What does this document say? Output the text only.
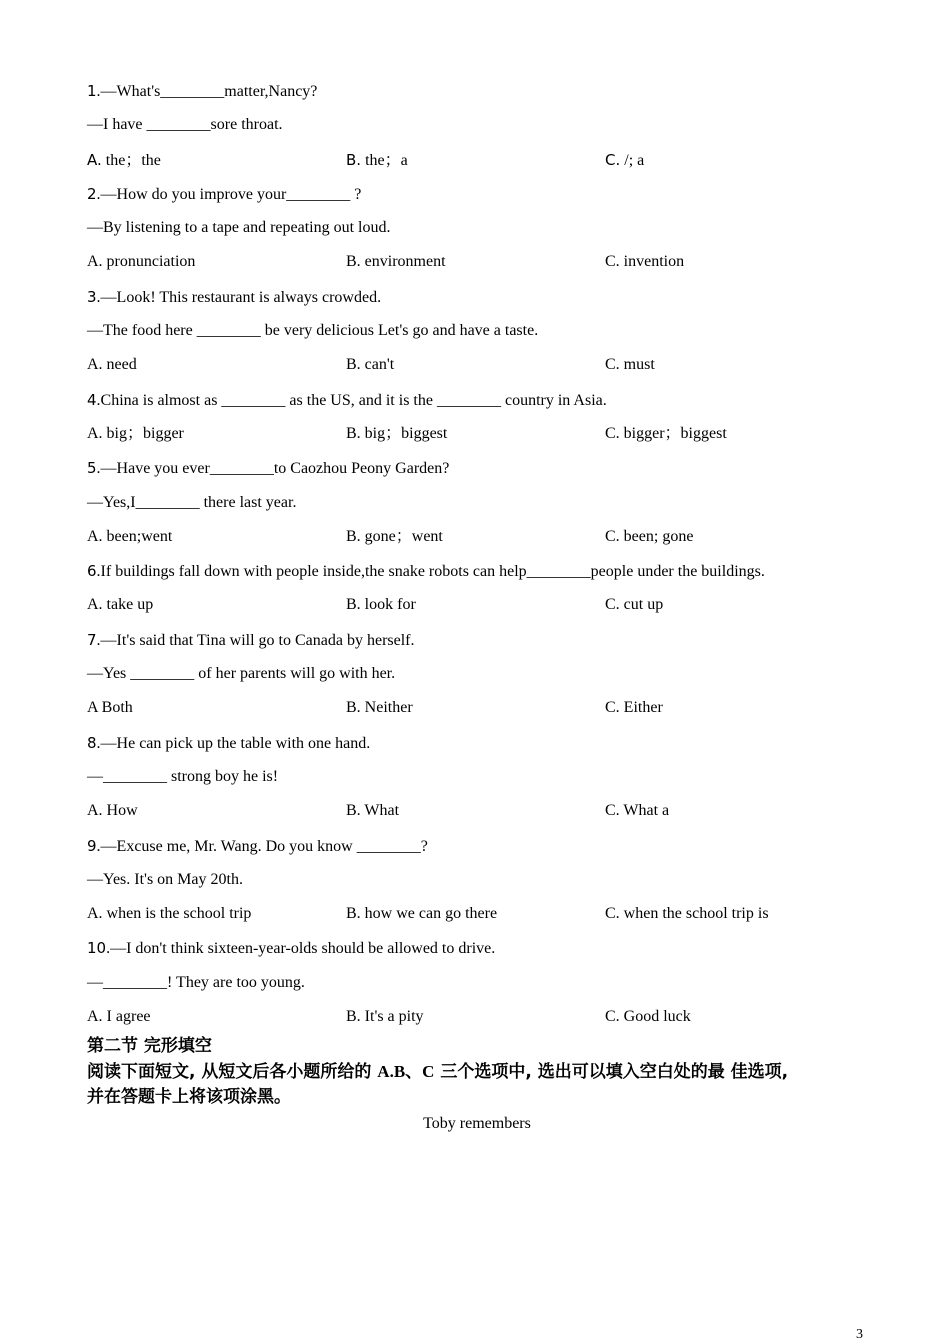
1.—What's________matter,Nancy?
—I have ________sore throat.
A. the；the	B. the；a	C. /; a
2.—How do you improve your________ ?
—By listening to a tape and repeating out loud.
A. pronunciation	B. environment	C. invention
3.—Look! This restaurant is always crowded.
—The food here ________ be very delicious Let's go and have a taste.
A. need	B. can't	C. must
4.China is almost as ________ as the US, and it is the ________ country in Asia.
A. big；bigger	B. big；biggest	C. bigger；biggest
5.—Have you ever________to Caozhou Peony Garden?
—Yes,I________ there last year.
A. been;went	B. gone；went	C. been; gone
6.If buildings fall down with people inside,the snake robots can help________people under the buildings.
A. take up	B. look for	C. cut up
7.—It's said that Tina will go to Canada by herself.
—Yes ________ of her parents will go with her.
A Both	B. Neither	C. Either
8.—He can pick up the table with one hand.
—________ strong boy he is!
A. How	B. What	C. What a
9.—Excuse me, Mr. Wang. Do you know ________?
—Yes. It's on May 20th.
A. when is the school trip	B. how we can go there	C. when the school trip is
10.—I don't think sixteen-year-olds should be allowed to drive.
—________! They are too young.
A. I agree	B. It's a pity	C. Good luck
第二节 完形填空
阅读下面短文, 从短文后各小题所给的 A.B、C 三个选项中, 选出可以填入空白处的最 佳选项,
并在答题卡上将该项涂黑。
Toby remembers
3
